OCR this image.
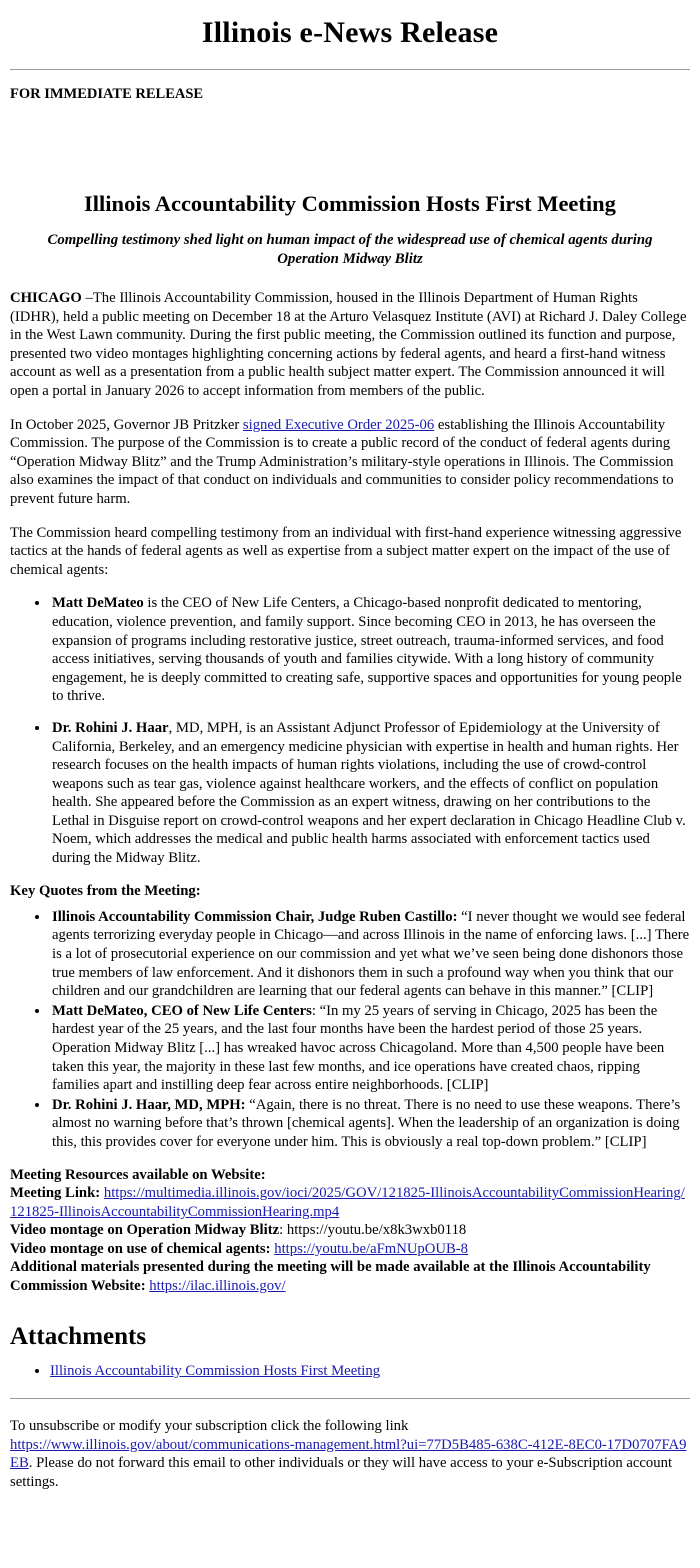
Illinois e-News Release
FOR IMMEDIATE RELEASE
Illinois Accountability Commission Hosts First Meeting
Compelling testimony shed light on human impact of the widespread use of chemical agents during Operation Midway Blitz

CHICAGO –The Illinois Accountability Commission, housed in the Illinois Department of Human Rights (IDHR), held a public meeting on December 18 at the Arturo Velasquez Institute (AVI) at Richard J. Daley College in the West Lawn community. During the first public meeting, the Commission outlined its function and purpose, presented two video montages highlighting concerning actions by federal agents, and heard a first-hand witness account as well as a presentation from a public health subject matter expert. The Commission announced it will open a portal in January 2026 to accept information from members of the public.

In October 2025, Governor JB Pritzker signed Executive Order 2025-06 establishing the Illinois Accountability Commission. The purpose of the Commission is to create a public record of the conduct of federal agents during “Operation Midway Blitz” and the Trump Administration’s military-style operations in Illinois. The Commission also examines the impact of that conduct on individuals and communities to consider policy recommendations to prevent future harm.

The Commission heard compelling testimony from an individual with first-hand experience witnessing aggressive tactics at the hands of federal agents as well as expertise from a subject matter expert on the impact of the use of chemical agents:

• Matt DeMateo is the CEO of New Life Centers, a Chicago-based nonprofit dedicated to mentoring, education, violence prevention, and family support. Since becoming CEO in 2013, he has overseen the expansion of programs including restorative justice, street outreach, trauma-informed services, and food access initiatives, serving thousands of youth and families citywide. With a long history of community engagement, he is deeply committed to creating safe, supportive spaces and opportunities for young people to thrive.
• Dr. Rohini J. Haar, MD, MPH, is an Assistant Adjunct Professor of Epidemiology at the University of California, Berkeley, and an emergency medicine physician with expertise in health and human rights. Her research focuses on the health impacts of human rights violations, including the use of crowd-control weapons such as tear gas, violence against healthcare workers, and the effects of conflict on population health. She appeared before the Commission as an expert witness, drawing on her contributions to the Lethal in Disguise report on crowd-control weapons and her expert declaration in Chicago Headline Club v. Noem, which addresses the medical and public health harms associated with enforcement tactics used during the Midway Blitz.
Key Quotes from the Meeting:
• Illinois Accountability Commission Chair, Judge Ruben Castillo: “I never thought we would see federal agents terrorizing everyday people in Chicago—and across Illinois in the name of enforcing laws. [...] There is a lot of prosecutorial experience on our commission and yet what we’ve seen being done dishonors those true members of law enforcement. And it dishonors them in such a profound way when you think that our children and our grandchildren are learning that our federal agents can behave in this manner.” [CLIP]
• Matt DeMateo, CEO of New Life Centers: “In my 25 years of serving in Chicago, 2025 has been the hardest year of the 25 years, and the last four months have been the hardest period of those 25 years. Operation Midway Blitz [...] has wreaked havoc across Chicagoland. More than 4,500 people have been taken this year, the majority in these last few months, and ice operations have created chaos, ripping families apart and instilling deep fear across entire neighborhoods. [CLIP]
• Dr. Rohini J. Haar, MD, MPH: “Again, there is no threat. There is no need to use these weapons. There’s almost no warning before that’s thrown [chemical agents]. When the leadership of an organization is doing this, this provides cover for everyone under him. This is obviously a real top-down problem.” [CLIP]
Meeting Resources available on Website:
Meeting Link: https://multimedia.illinois.gov/ioci/2025/GOV/121825-IllinoisAccountabilityCommissionHearing/121825-IllinoisAccountabilityCommissionHearing.mp4
Video montage on Operation Midway Blitz: https://youtu.be/x8k3wxb0118
Video montage on use of chemical agents: https://youtu.be/aFmNUpOUB-8
Additional materials presented during the meeting will be made available at the Illinois Accountability Commission Website: https://ilac.illinois.gov/
Attachments
• Illinois Accountability Commission Hosts First Meeting

To unsubscribe or modify your subscription click the following link
https://www.illinois.gov/about/communications-management.html?ui=77D5B485-638C-412E-8EC0-17D0707FA9EB. Please do not forward this email to other individuals or they will have access to your e-Subscription account settings.
